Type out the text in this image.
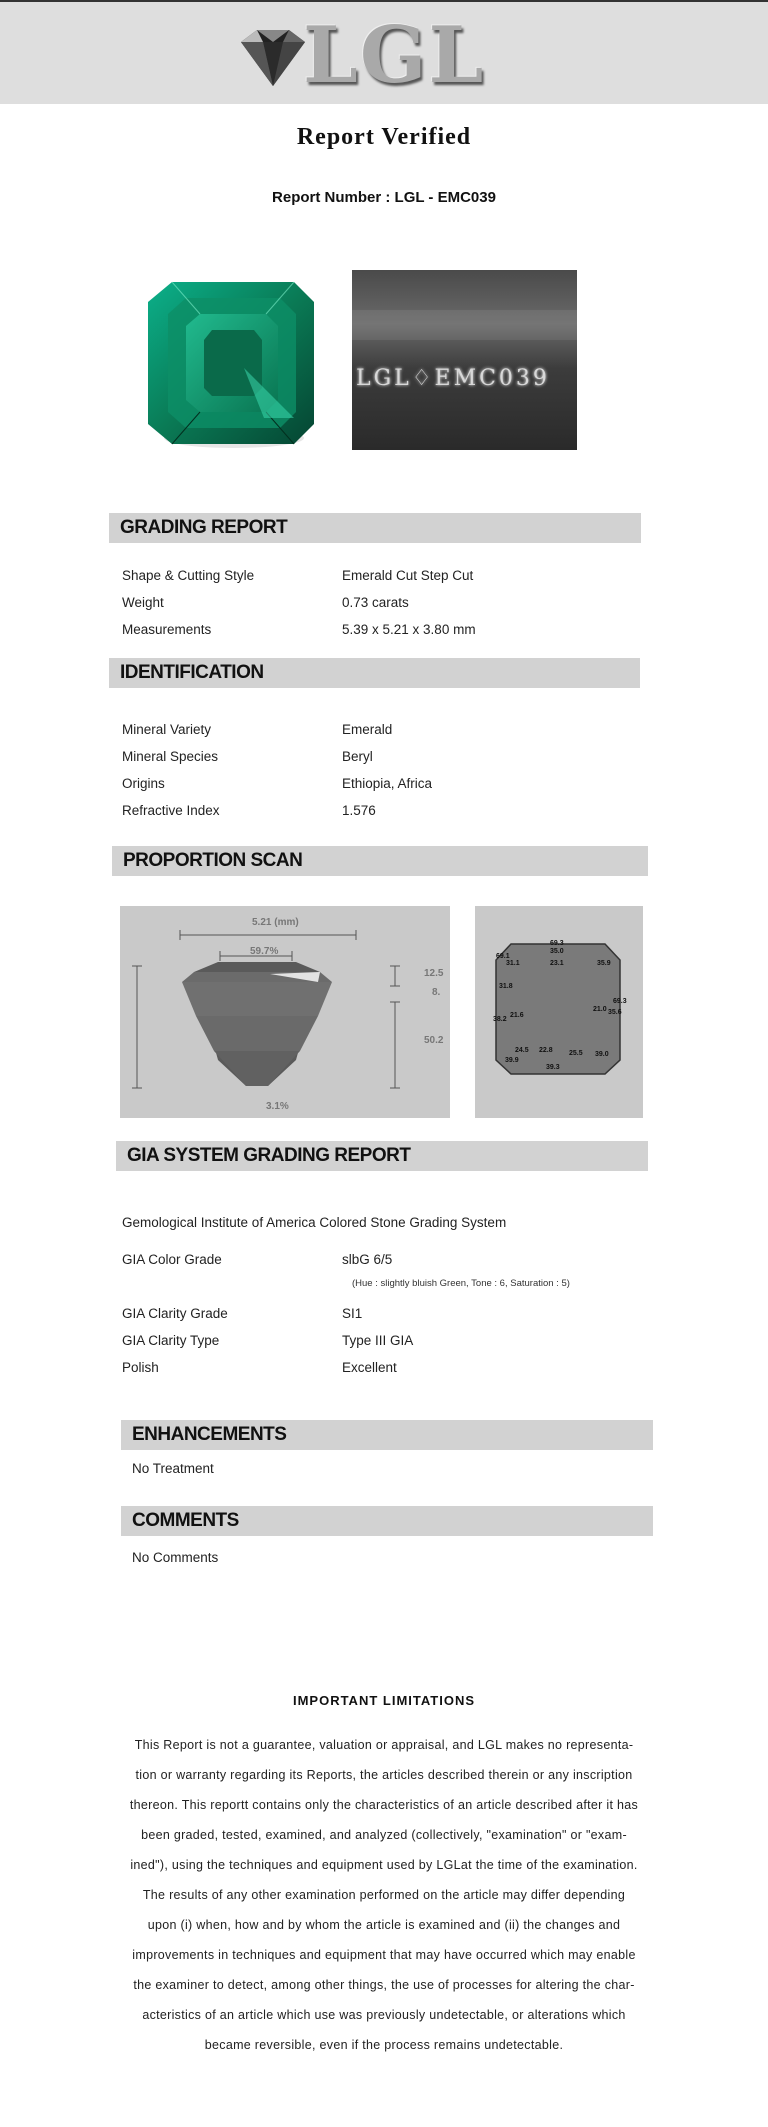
LGL
Report Verified
Report Number : LGL - EMC039
LGL♢EMC039
GRADING REPORT
Shape & Cutting Style	Emerald Cut Step Cut
Weight	0.73 carats
Measurements	5.39 x 5.21 x 3.80 mm
IDENTIFICATION
Mineral Variety	Emerald
Mineral Species	Beryl
Origins	Ethiopia, Africa
Refractive Index	1.576
PROPORTION SCAN
5.21 (mm)
59.7%
12.5
8.
50.2
3.1%
69.3
35.0
23.1	35.9
69.1
31.1
31.8
69.3
21.0 35.6
21.6
38.2
24.5 22.8 25.5 39.0
39.9
39.3
GIA SYSTEM GRADING REPORT
Gemological Institute of America Colored Stone Grading System
GIA Color Grade	slbG 6/5
(Hue : slightly bluish Green, Tone : 6, Saturation : 5)
GIA Clarity Grade	SI1
GIA Clarity Type	Type III GIA
Polish	Excellent
ENHANCEMENTS
No Treatment
COMMENTS
No Comments
IMPORTANT LIMITATIONS
This Report is not a guarantee, valuation or appraisal, and LGL makes no representa-
tion or warranty regarding its Reports, the articles described therein or any inscription
thereon. This reportt contains only the characteristics of an article described after it has
been graded, tested, examined, and analyzed (collectively, "examination" or "exam-
ined"), using the techniques and equipment used by LGLat the time of the examination.
The results of any other examination performed on the article may differ depending
upon (i) when, how and by whom the article is examined and (ii) the changes and
improvements in techniques and equipment that may have occurred which may enable
the examiner to detect, among other things, the use of processes for altering the char-
acteristics of an article which use was previously undetectable, or alterations which
became reversible, even if the process remains undetectable.
